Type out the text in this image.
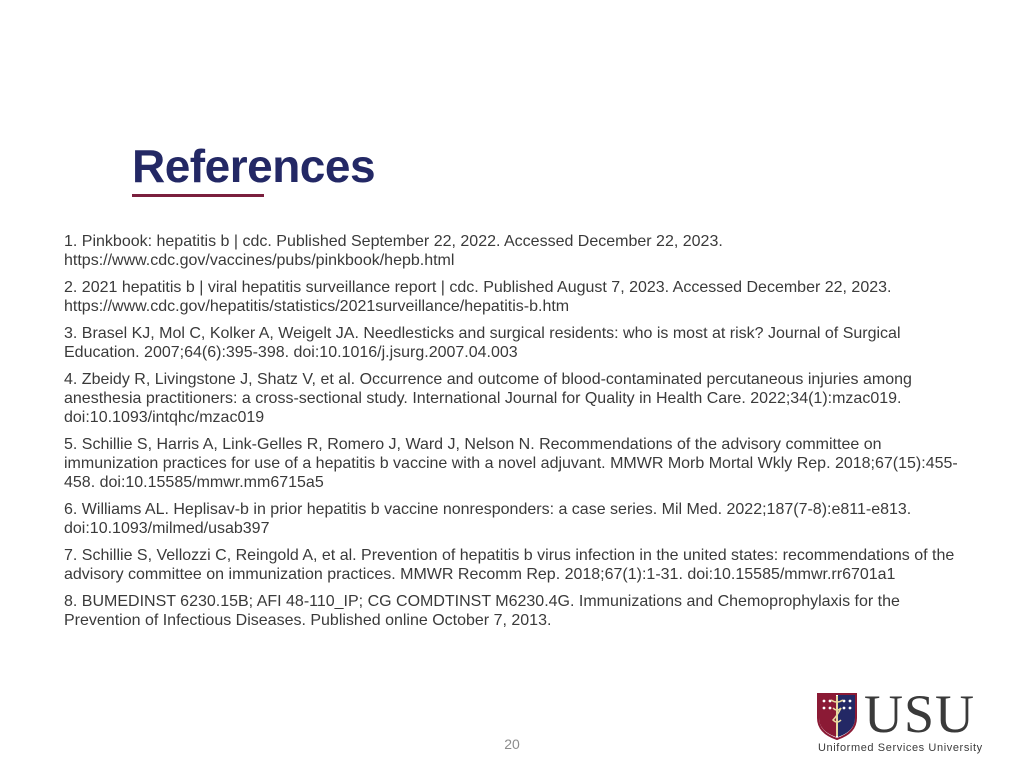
References
1. Pinkbook: hepatitis b | cdc. Published September 22, 2022. Accessed December 22, 2023. https://www.cdc.gov/vaccines/pubs/pinkbook/hepb.html
2. 2021 hepatitis b | viral hepatitis surveillance report | cdc. Published August 7, 2023. Accessed December 22, 2023. https://www.cdc.gov/hepatitis/statistics/2021surveillance/hepatitis-b.htm
3. Brasel KJ, Mol C, Kolker A, Weigelt JA. Needlesticks and surgical residents: who is most at risk? Journal of Surgical Education. 2007;64(6):395-398. doi:10.1016/j.jsurg.2007.04.003
4. Zbeidy R, Livingstone J, Shatz V, et al. Occurrence and outcome of blood-contaminated percutaneous injuries among anesthesia practitioners: a cross-sectional study. International Journal for Quality in Health Care. 2022;34(1):mzac019. doi:10.1093/intqhc/mzac019
5. Schillie S, Harris A, Link-Gelles R, Romero J, Ward J, Nelson N. Recommendations of the advisory committee on immunization practices for use of a hepatitis b vaccine with a novel adjuvant. MMWR Morb Mortal Wkly Rep. 2018;67(15):455-458. doi:10.15585/mmwr.mm6715a5
6. Williams AL. Heplisav-b in prior hepatitis b vaccine nonresponders: a case series. Mil Med. 2022;187(7-8):e811-e813. doi:10.1093/milmed/usab397
7. Schillie S, Vellozzi C, Reingold A, et al. Prevention of hepatitis b virus infection in the united states: recommendations of the advisory committee on immunization practices. MMWR Recomm Rep. 2018;67(1):1-31. doi:10.15585/mmwr.rr6701a1
8. BUMEDINST 6230.15B; AFI 48-110_IP; CG COMDTINST M6230.4G. Immunizations and Chemoprophylaxis for the Prevention of Infectious Diseases. Published online October 7, 2013.
20	USU
Uniformed Services University
